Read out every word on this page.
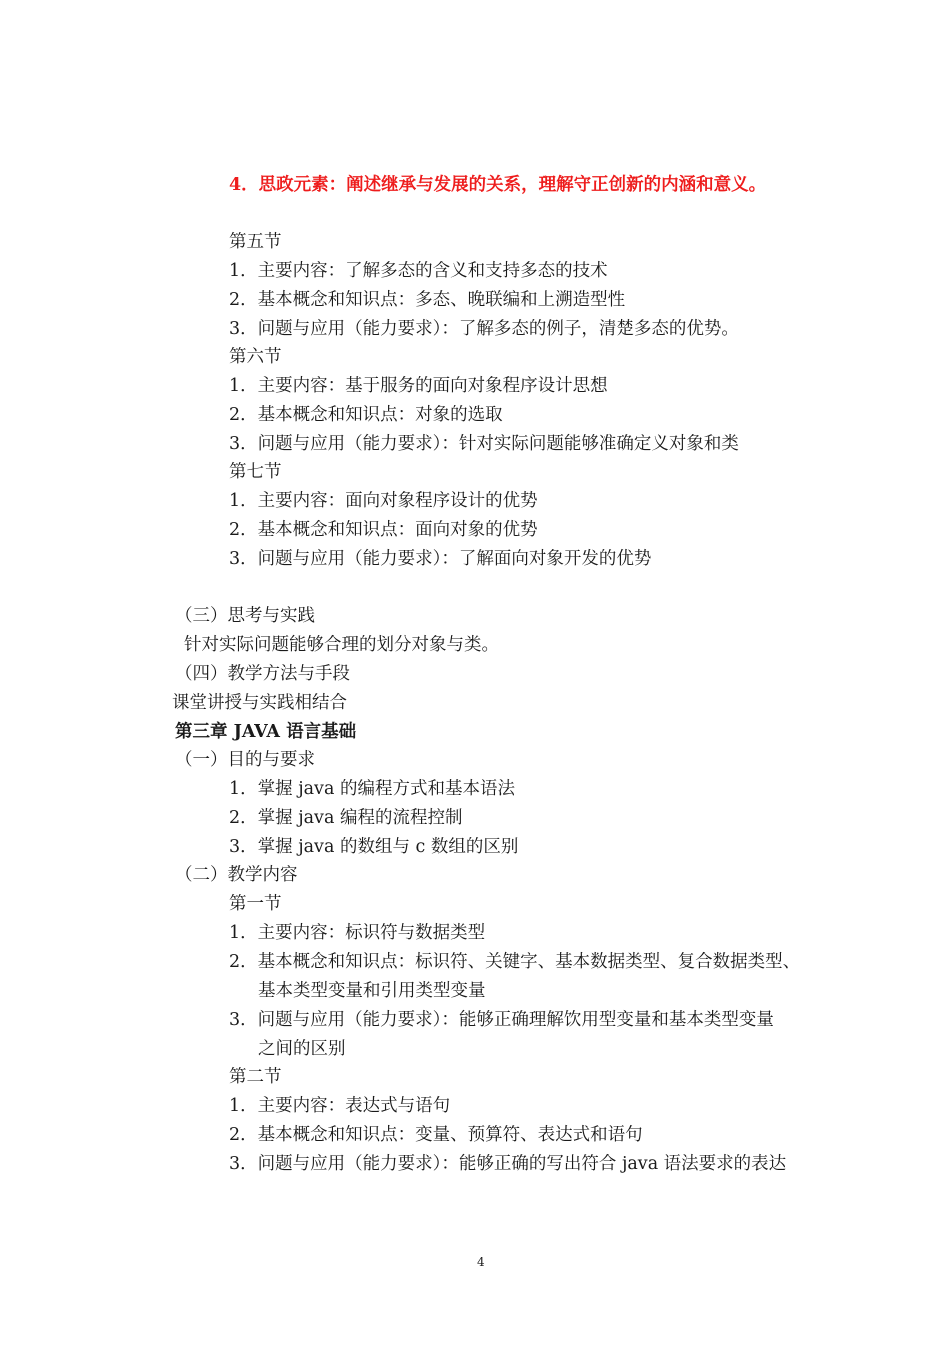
4．思政元素：阐述继承与发展的关系，理解守正创新的内涵和意义。
第五节
1．主要内容：了解多态的含义和支持多态的技术
2．基本概念和知识点：多态、晚联编和上溯造型性
3．问题与应用（能力要求）：了解多态的例子，清楚多态的优势。
第六节
1．主要内容：基于服务的面向对象程序设计思想
2．基本概念和知识点：对象的选取
3．问题与应用（能力要求）：针对实际问题能够准确定义对象和类
第七节
1．主要内容：面向对象程序设计的优势
2．基本概念和知识点：面向对象的优势
3．问题与应用（能力要求）：了解面向对象开发的优势
（三）思考与实践
针对实际问题能够合理的划分对象与类。
（四）教学方法与手段
课堂讲授与实践相结合
第三章 JAVA 语言基础
（一）目的与要求
1．掌握 java 的编程方式和基本语法
2．掌握 java 编程的流程控制
3．掌握 java 的数组与 c 数组的区别
（二）教学内容
第一节
1．主要内容：标识符与数据类型
2．基本概念和知识点：标识符、关键字、基本数据类型、复合数据类型、
基本类型变量和引用类型变量
3．问题与应用（能力要求）：能够正确理解饮用型变量和基本类型变量
之间的区别
第二节
1．主要内容：表达式与语句
2．基本概念和知识点：变量、预算符、表达式和语句
3．问题与应用（能力要求）：能够正确的写出符合 java 语法要求的表达
4
